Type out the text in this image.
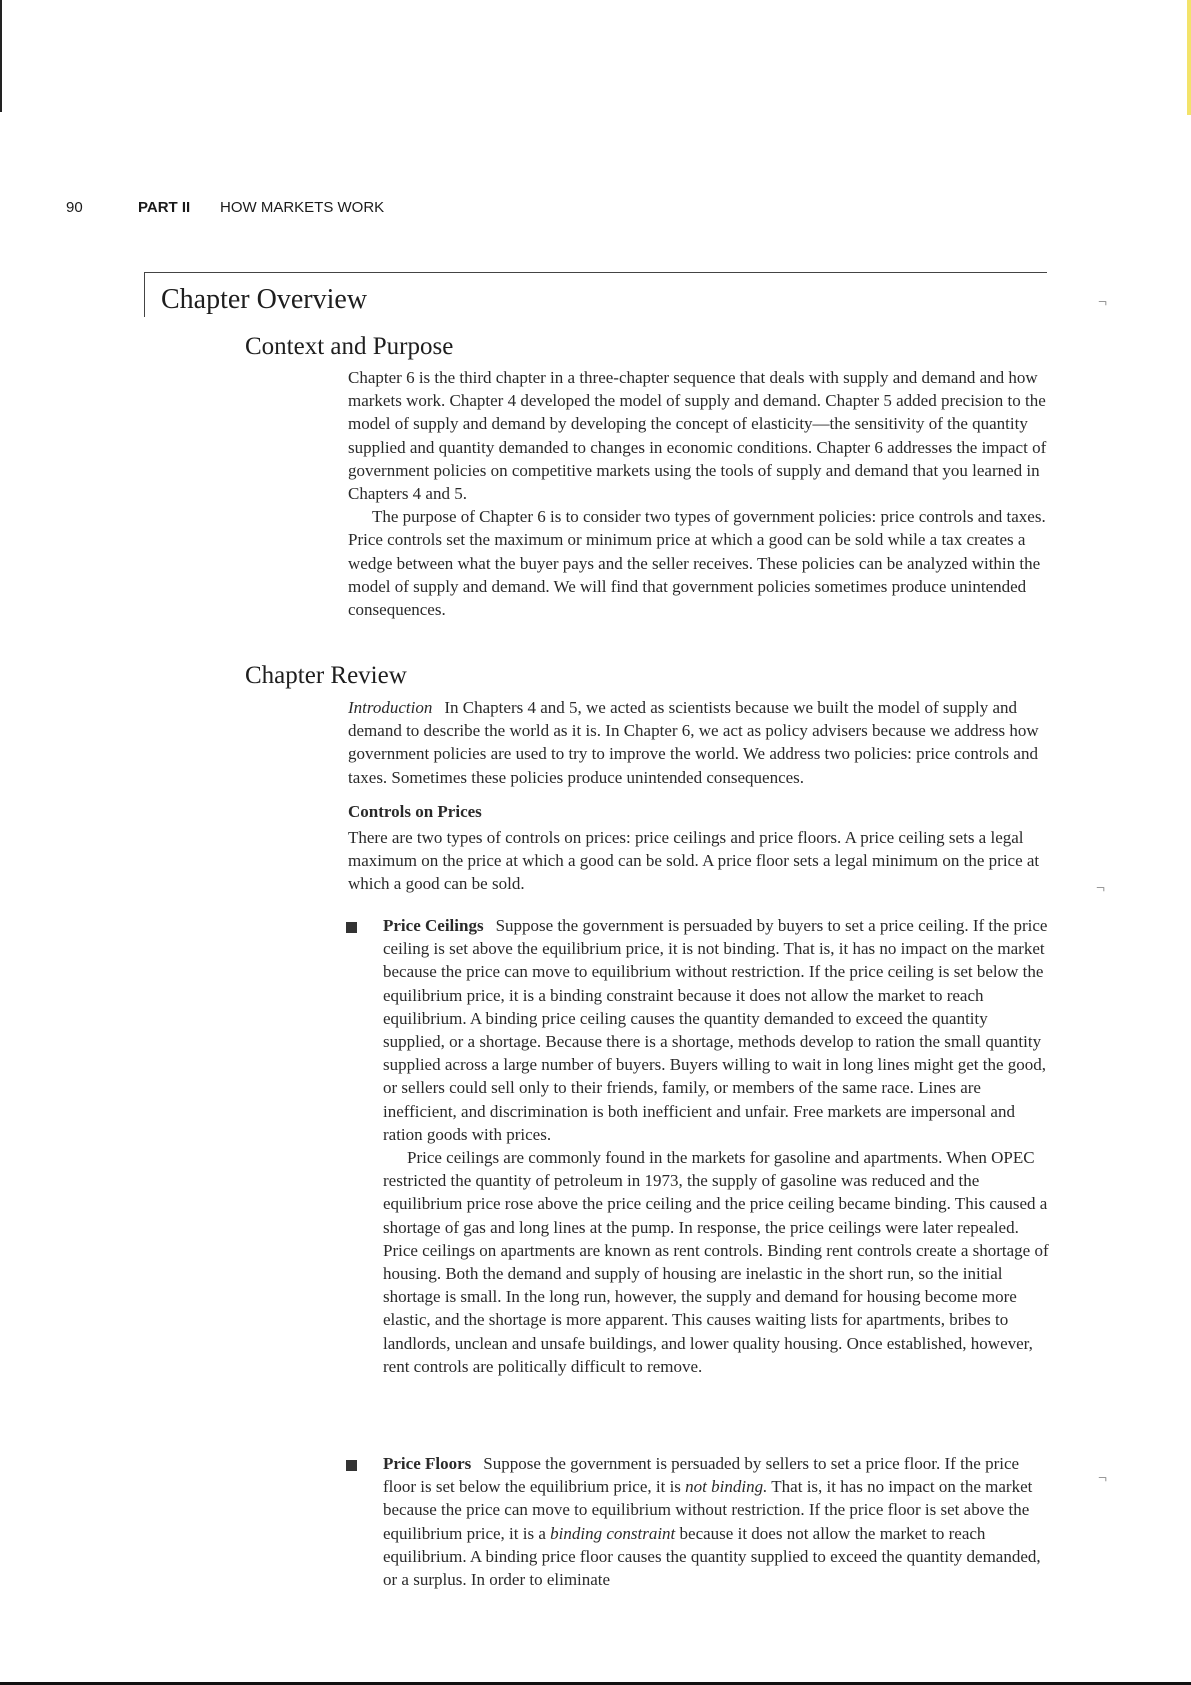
90	PART II HOW MARKETS WORK
Chapter Overview
Context and Purpose

Chapter 6 is the third chapter in a three-chapter sequence that deals with supply and demand and how markets work. Chapter 4 developed the model of supply and demand. Chapter 5 added precision to the model of supply and demand by developing the concept of elasticity—the sensitivity of the quantity supplied and quantity demanded to changes in economic conditions. Chapter 6 addresses the impact of government policies on competitive markets using the tools of supply and demand that you learned in Chapters 4 and 5.

The purpose of Chapter 6 is to consider two types of government policies: price controls and taxes. Price controls set the maximum or minimum price at which a good can be sold while a tax creates a wedge between what the buyer pays and the seller receives. These policies can be analyzed within the model of supply and demand. We will find that government policies sometimes produce unintended consequences.

Chapter Review

Introduction In Chapters 4 and 5, we acted as scientists because we built the model of supply and demand to describe the world as it is. In Chapter 6, we act as policy advisers because we address how government policies are used to try to improve the world. We address two policies: price controls and taxes. Sometimes these policies produce unintended consequences.

Controls on Prices
There are two types of controls on prices: price ceilings and price floors. A price ceiling sets a legal maximum on the price at which a good can be sold. A price floor sets a legal minimum on the price at which a good can be sold.

Price Ceilings Suppose the government is persuaded by buyers to set a price ceiling. If the price ceiling is set above the equilibrium price, it is not binding. That is, it has no impact on the market because the price can move to equilibrium without restriction. If the price ceiling is set below the equilibrium price, it is a binding constraint because it does not allow the market to reach equilibrium. A binding price ceiling causes the quantity demanded to exceed the quantity supplied, or a shortage. Because there is a shortage, methods develop to ration the small quantity supplied across a large number of buyers. Buyers willing to wait in long lines might get the good, or sellers could sell only to their friends, family, or members of the same race. Lines are inefficient, and discrimination is both inefficient and unfair. Free markets are impersonal and ration goods with prices.

Price ceilings are commonly found in the markets for gasoline and apartments. When OPEC restricted the quantity of petroleum in 1973, the supply of gasoline was reduced and the equilibrium price rose above the price ceiling and the price ceiling became binding. This caused a shortage of gas and long lines at the pump. In response, the price ceilings were later repealed. Price ceilings on apartments are known as rent controls. Binding rent controls create a shortage of housing. Both the demand and supply of housing are inelastic in the short run, so the initial shortage is small. In the long run, however, the supply and demand for housing become more elastic, and the shortage is more apparent. This causes waiting lists for apartments, bribes to landlords, unclean and unsafe buildings, and lower quality housing. Once established, however, rent controls are politically difficult to remove.

Price Floors Suppose the government is persuaded by sellers to set a price floor. If the price floor is set below the equilibrium price, it is not binding. That is, it has no impact on the market because the price can move to equilibrium without restriction. If the price floor is set above the equilibrium price, it is a binding constraint because it does not allow the market to reach equilibrium. A binding price floor causes the quantity supplied to exceed the quantity demanded, or a surplus. In order to eliminate

¬
¬
¬
